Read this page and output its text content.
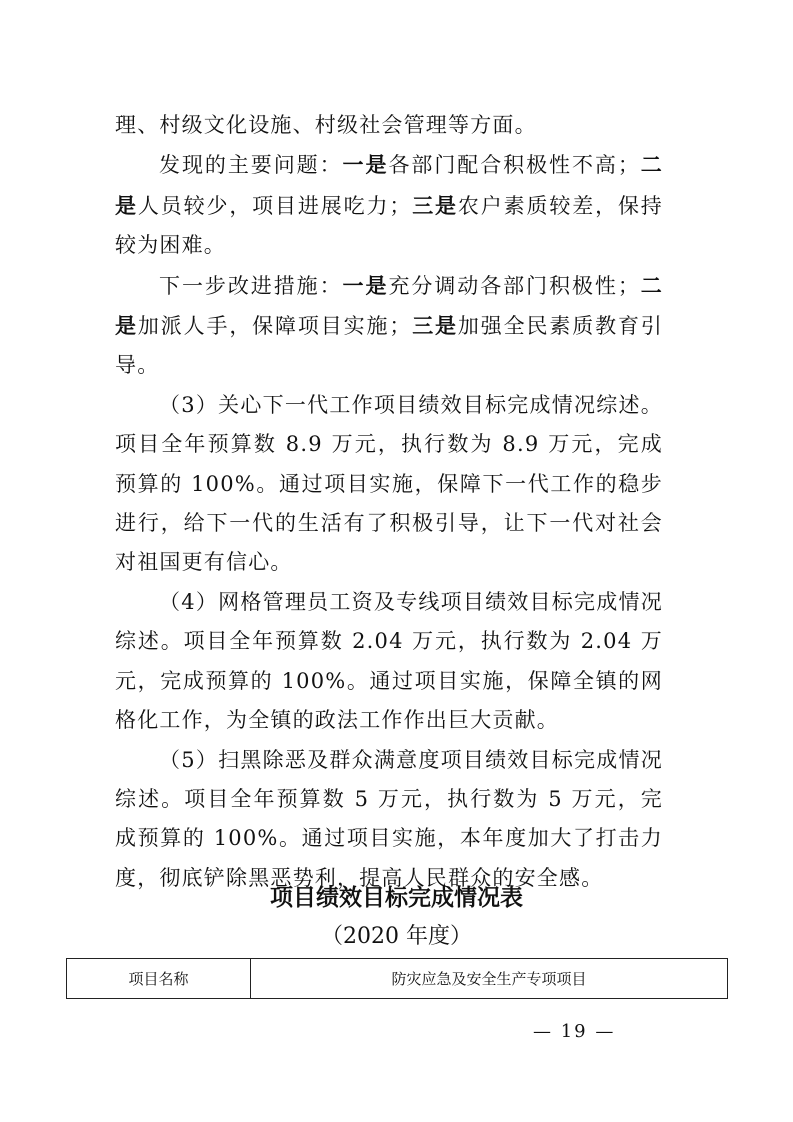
理、村级文化设施、村级社会管理等方面。

发现的主要问题：一是各部门配合积极性不高；二是人员较少，项目进展吃力；三是农户素质较差，保持较为困难。

下一步改进措施：一是充分调动各部门积极性；二是加派人手，保障项目实施；三是加强全民素质教育引导。

（3）关心下一代工作项目绩效目标完成情况综述。项目全年预算数 8.9 万元，执行数为 8.9 万元，完成预算的 100%。通过项目实施，保障下一代工作的稳步进行，给下一代的生活有了积极引导，让下一代对社会对祖国更有信心。

（4）网格管理员工资及专线项目绩效目标完成情况综述。项目全年预算数 2.04 万元，执行数为 2.04 万元，完成预算的 100%。通过项目实施，保障全镇的网格化工作，为全镇的政法工作作出巨大贡献。

（5）扫黑除恶及群众满意度项目绩效目标完成情况综述。项目全年预算数 5 万元，执行数为 5 万元，完成预算的 100%。通过项目实施，本年度加大了打击力度，彻底铲除黑恶势利，提高人民群众的安全感。

项目绩效目标完成情况表
（2020 年度）
项目名称	防灾应急及安全生产专项项目
— 19 —
